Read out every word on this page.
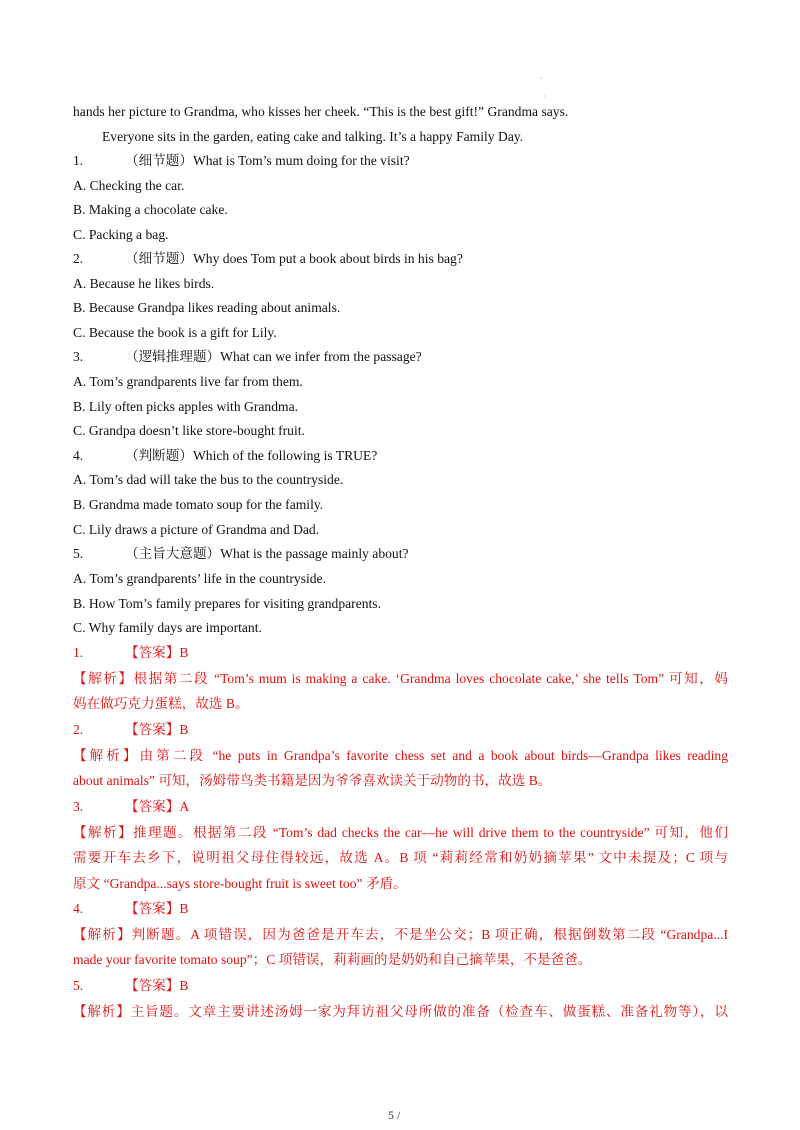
·
·
hands her picture to Grandma, who kisses her cheek. “This is the best gift!” Grandma says.
Everyone sits in the garden, eating cake and talking. It’s a happy Family Day.
1.	（细节题）What is Tom’s mum doing for the visit?
A. Checking the car.
B. Making a chocolate cake.
C. Packing a bag.
2.	（细节题）Why does Tom put a book about birds in his bag?
A. Because he likes birds.
B. Because Grandpa likes reading about animals.
C. Because the book is a gift for Lily.
3.	（逻辑推理题）What can we infer from the passage?
A. Tom’s grandparents live far from them.
B. Lily often picks apples with Grandma.
C. Grandpa doesn’t like store-bought fruit.
4.	（判断题）Which of the following is TRUE?
A. Tom’s dad will take the bus to the countryside.
B. Grandma made tomato soup for the family.
C. Lily draws a picture of Grandma and Dad.
5.	（主旨大意题）What is the passage mainly about?
A. Tom’s grandparents’ life in the countryside.
B. How Tom’s family prepares for visiting grandparents.
C. Why family days are important.
1.	【答案】B
【解析】根据第二段 “Tom’s mum is making a cake. ‘Grandma loves chocolate cake,’ she tells Tom” 可知，妈
妈在做巧克力蛋糕，故选 B。
2.	【答案】B
【解析】由第二段 “he puts in Grandpa’s favorite chess set and a book about birds—Grandpa likes reading
about animals” 可知，汤姆带鸟类书籍是因为爷爷喜欢读关于动物的书，故选 B。
3.	【答案】A
【解析】推理题。根据第二段 “Tom’s dad checks the car—he will drive them to the countryside” 可知，他们
需要开车去乡下，说明祖父母住得较远，故选 A。B 项 “莉莉经常和奶奶摘苹果” 文中未提及；C 项与
原文 “Grandpa...says store-bought fruit is sweet too” 矛盾。
4.	【答案】B
【解析】判断题。A 项错误，因为爸爸是开车去，不是坐公交；B 项正确，根据倒数第二段 “Grandpa...I
made your favorite tomato soup”；C 项错误，莉莉画的是奶奶和自己摘苹果，不是爸爸。
5.	【答案】B
【解析】主旨题。文章主要讲述汤姆一家为拜访祖父母所做的准备（检查车、做蛋糕、准备礼物等），以
5 /
